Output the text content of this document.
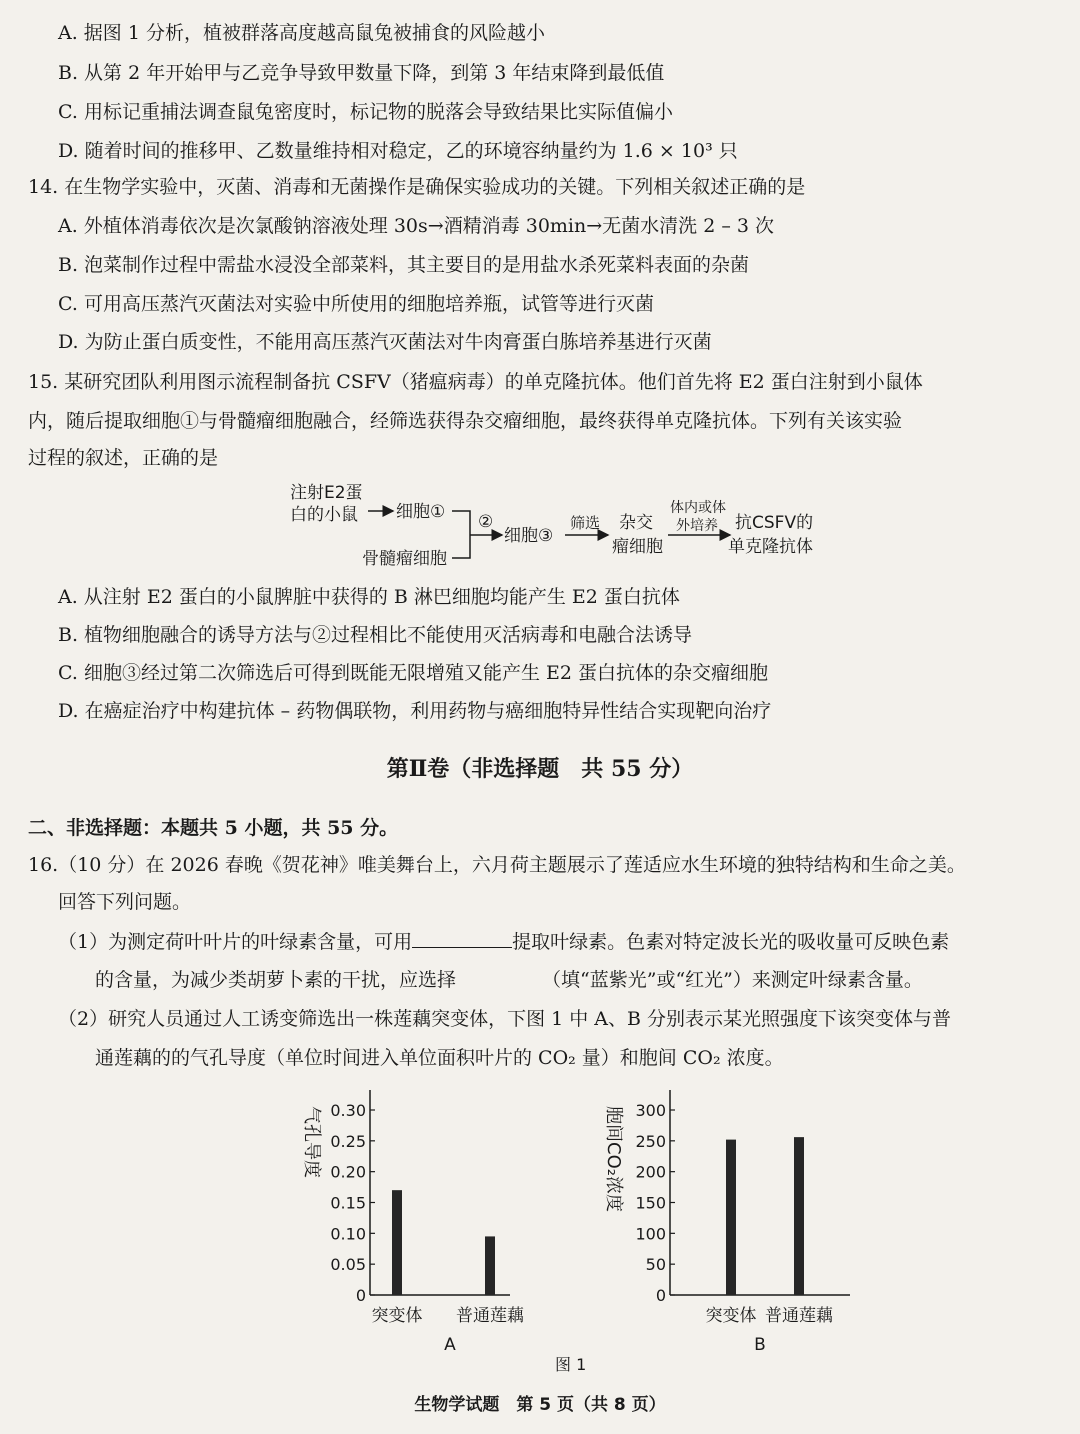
A. 据图 1 分析，植被群落高度越高鼠兔被捕食的风险越小
B. 从第 2 年开始甲与乙竞争导致甲数量下降，到第 3 年结束降到最低值
C. 用标记重捕法调查鼠兔密度时，标记物的脱落会导致结果比实际值偏小
D. 随着时间的推移甲、乙数量维持相对稳定，乙的环境容纳量约为 1.6 × 10³ 只
14. 在生物学实验中，灭菌、消毒和无菌操作是确保实验成功的关键。下列相关叙述正确的是
A. 外植体消毒依次是次氯酸钠溶液处理 30s→酒精消毒 30min→无菌水清洗 2 – 3 次
B. 泡菜制作过程中需盐水浸没全部菜料，其主要目的是用盐水杀死菜料表面的杂菌
C. 可用高压蒸汽灭菌法对实验中所使用的细胞培养瓶，试管等进行灭菌
D. 为防止蛋白质变性，不能用高压蒸汽灭菌法对牛肉膏蛋白胨培养基进行灭菌
15. 某研究团队利用图示流程制备抗 CSFV（猪瘟病毒）的单克隆抗体。他们首先将 E2 蛋白注射到小鼠体
内，随后提取细胞①与骨髓瘤细胞融合，经筛选获得杂交瘤细胞，最终获得单克隆抗体。下列有关该实验
过程的叙述，正确的是
注射E2蛋
白的小鼠 细胞①
骨髓瘤细胞
②
细胞③
筛选 杂交
瘤细胞
体内或体
外培养 抗CSFV的
单克隆抗体
A. 从注射 E2 蛋白的小鼠脾脏中获得的 B 淋巴细胞均能产生 E2 蛋白抗体
B. 植物细胞融合的诱导方法与②过程相比不能使用灭活病毒和电融合法诱导
C. 细胞③经过第二次筛选后可得到既能无限增殖又能产生 E2 蛋白抗体的杂交瘤细胞
D. 在癌症治疗中构建抗体 – 药物偶联物，利用药物与癌细胞特异性结合实现靶向治疗
第Ⅱ卷（非选择题　共 55 分）
二、非选择题：本题共 5 小题，共 55 分。
16.（10 分）在 2026 春晚《贺花神》唯美舞台上，六月荷主题展示了莲适应水生环境的独特结构和生命之美。
回答下列问题。
（1）为测定荷叶叶片的叶绿素含量，可用	提取叶绿素。色素对特定波长光的吸收量可反映色素
的含量，为减少类胡萝卜素的干扰，应选择	（填“蓝紫光”或“红光”）来测定叶绿素含量。
（2）研究人员通过人工诱变筛选出一株莲藕突变体，下图 1 中 A、B 分别表示某光照强度下该突变体与普
通莲藕的的气孔导度（单位时间进入单位面积叶片的 CO₂ 量）和胞间 CO₂ 浓度。
气孔导度
0
0.05
0.10
0.15
0.20
0.25
0.30
突变体 普通莲藕
A
胞间CO₂浓度
0
50
100
150
200
250
300
突变体 普通莲藕
B
图 1
生物学试题　第 5 页（共 8 页）
